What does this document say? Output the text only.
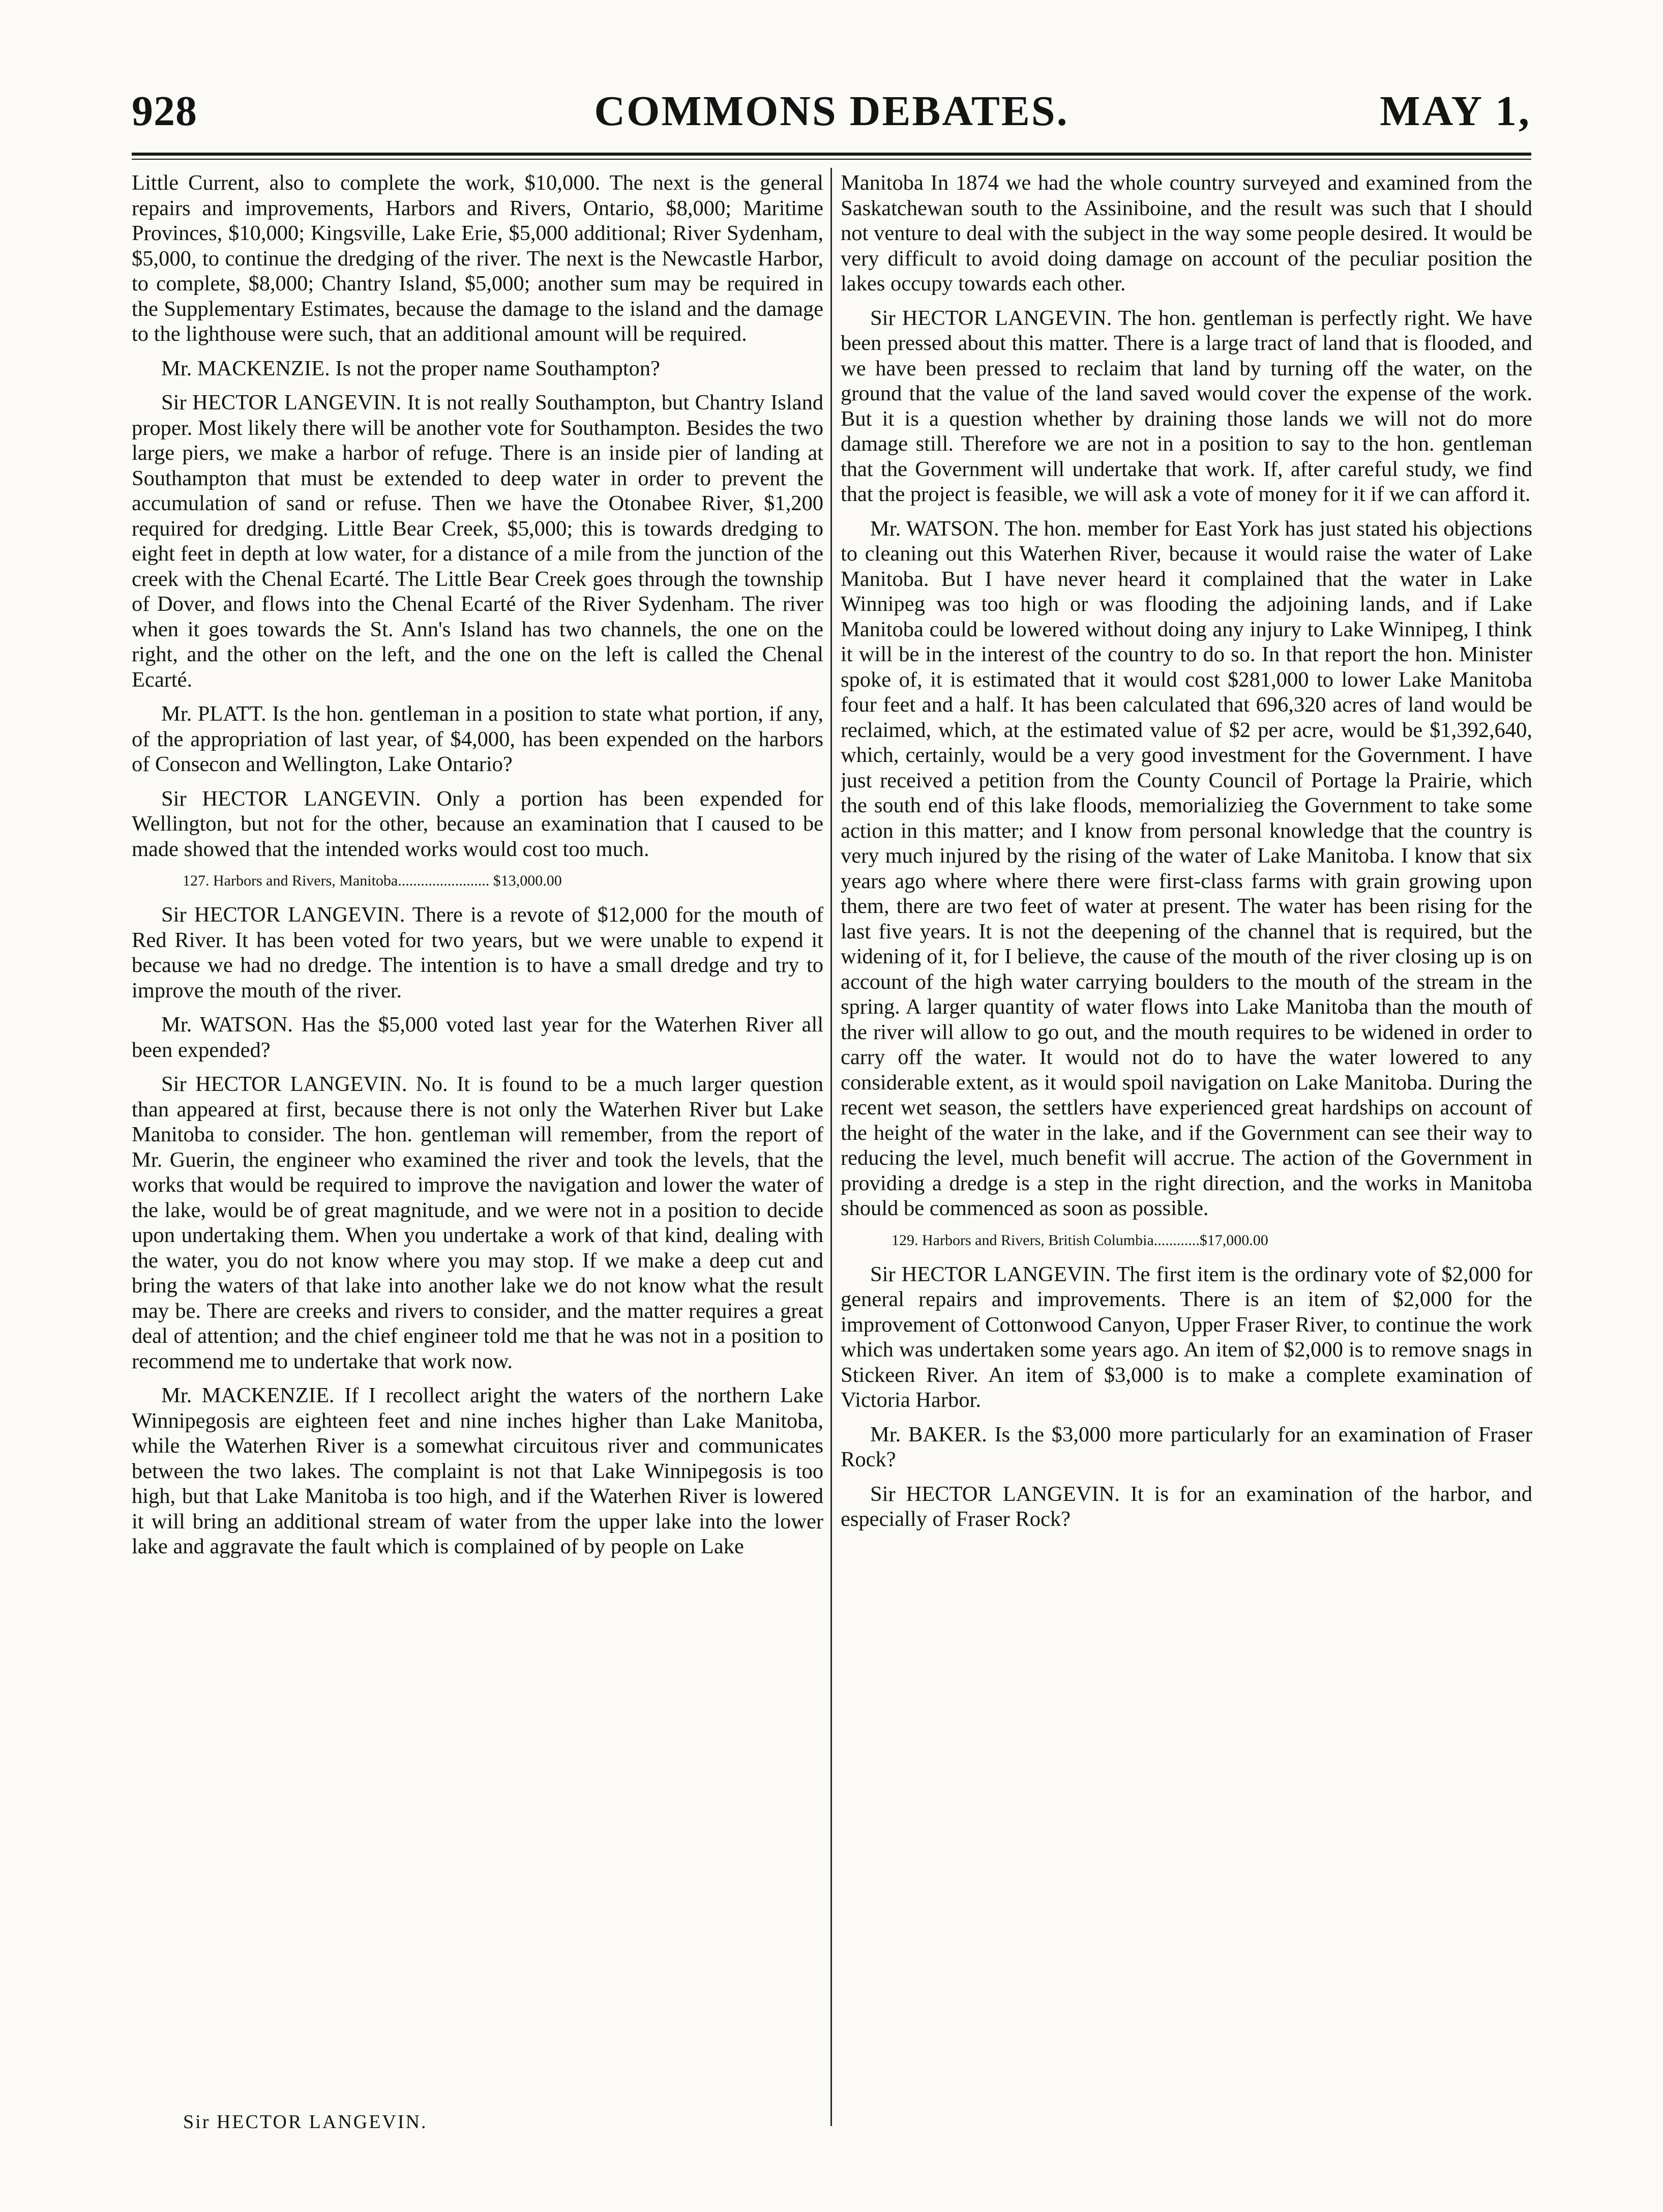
928	COMMONS DEBATES.	MAY 1,

Little Current, also to complete the work, $10,000. The next is the general repairs and improvements, Harbors and Rivers, Ontario, $8,000; Maritime Provinces, $10,000; Kingsville, Lake Erie, $5,000 additional; River Sydenham, $5,000, to continue the dredging of the river. The next is the Newcastle Harbor, to complete, $8,000; Chantry Island, $5,000; another sum may be required in the Supplementary Estimates, because the damage to the island and the damage to the lighthouse were such, that an additional amount will be required.

Mr. MACKENZIE. Is not the proper name Southampton?

Sir HECTOR LANGEVIN. It is not really Southampton, but Chantry Island proper. Most likely there will be another vote for Southampton. Besides the two large piers, we make a harbor of refuge. There is an inside pier of landing at Southampton that must be extended to deep water in order to prevent the accumulation of sand or refuse. Then we have the Otonabee River, $1,200 required for dredging. Little Bear Creek, $5,000; this is towards dredging to eight feet in depth at low water, for a distance of a mile from the junction of the creek with the Chenal Ecarté. The Little Bear Creek goes through the township of Dover, and flows into the Chenal Ecarté of the River Sydenham. The river when it goes towards the St. Ann's Island has two channels, the one on the right, and the other on the left, and the one on the left is called the Chenal Ecarté.

Mr. PLATT. Is the hon. gentleman in a position to state what portion, if any, of the appropriation of last year, of $4,000, has been expended on the harbors of Consecon and Wellington, Lake Ontario?

Sir HECTOR LANGEVIN. Only a portion has been expended for Wellington, but not for the other, because an examination that I caused to be made showed that the intended works would cost too much.

127. Harbors and Rivers, Manitoba........................ $13,000.00

Sir HECTOR LANGEVIN. There is a revote of $12,000 for the mouth of Red River. It has been voted for two years, but we were unable to expend it because we had no dredge. The intention is to have a small dredge and try to improve the mouth of the river.

Mr. WATSON. Has the $5,000 voted last year for the Waterhen River all been expended?

Sir HECTOR LANGEVIN. No. It is found to be a much larger question than appeared at first, because there is not only the Waterhen River but Lake Manitoba to consider. The hon. gentleman will remember, from the report of Mr. Guerin, the engineer who examined the river and took the levels, that the works that would be required to improve the navigation and lower the water of the lake, would be of great magnitude, and we were not in a position to decide upon undertaking them. When you undertake a work of that kind, dealing with the water, you do not know where you may stop. If we make a deep cut and bring the waters of that lake into another lake we do not know what the result may be. There are creeks and rivers to consider, and the matter requires a great deal of attention; and the chief engineer told me that he was not in a position to recommend me to undertake that work now.

Mr. MACKENZIE. If I recollect aright the waters of the northern Lake Winnipegosis are eighteen feet and nine inches higher than Lake Manitoba, while the Waterhen River is a somewhat circuitous river and communicates between the two lakes. The complaint is not that Lake Winnipegosis is too high, but that Lake Manitoba is too high, and if the Waterhen River is lowered it will bring an additional stream of water from the upper lake into the lower lake and aggravate the fault which is complained of by people on Lake

Manitoba In 1874 we had the whole country surveyed and examined from the Saskatchewan south to the Assiniboine, and the result was such that I should not venture to deal with the subject in the way some people desired. It would be very difficult to avoid doing damage on account of the peculiar position the lakes occupy towards each other.

Sir HECTOR LANGEVIN. The hon. gentleman is perfectly right. We have been pressed about this matter. There is a large tract of land that is flooded, and we have been pressed to reclaim that land by turning off the water, on the ground that the value of the land saved would cover the expense of the work. But it is a question whether by draining those lands we will not do more damage still. Therefore we are not in a position to say to the hon. gentleman that the Government will undertake that work. If, after careful study, we find that the project is feasible, we will ask a vote of money for it if we can afford it.

Mr. WATSON. The hon. member for East York has just stated his objections to cleaning out this Waterhen River, because it would raise the water of Lake Manitoba. But I have never heard it complained that the water in Lake Winnipeg was too high or was flooding the adjoining lands, and if Lake Manitoba could be lowered without doing any injury to Lake Winnipeg, I think it will be in the interest of the country to do so. In that report the hon. Minister spoke of, it is estimated that it would cost $281,000 to lower Lake Manitoba four feet and a half. It has been calculated that 696,320 acres of land would be reclaimed, which, at the estimated value of $2 per acre, would be $1,392,640, which, certainly, would be a very good investment for the Government. I have just received a petition from the County Council of Portage la Prairie, which the south end of this lake floods, memorializieg the Government to take some action in this matter; and I know from personal knowledge that the country is very much injured by the rising of the water of Lake Manitoba. I know that six years ago where where there were first-class farms with grain growing upon them, there are two feet of water at present. The water has been rising for the last five years. It is not the deepening of the channel that is required, but the widening of it, for I believe, the cause of the mouth of the river closing up is on account of the high water carrying boulders to the mouth of the stream in the spring. A larger quantity of water flows into Lake Manitoba than the mouth of the river will allow to go out, and the mouth requires to be widened in order to carry off the water. It would not do to have the water lowered to any considerable extent, as it would spoil navigation on Lake Manitoba. During the recent wet season, the settlers have experienced great hardships on account of the height of the water in the lake, and if the Government can see their way to reducing the level, much benefit will accrue. The action of the Government in providing a dredge is a step in the right direction, and the works in Manitoba should be commenced as soon as possible.

129. Harbors and Rivers, British Columbia............$17,000.00

Sir HECTOR LANGEVIN. The first item is the ordinary vote of $2,000 for general repairs and improvements. There is an item of $2,000 for the improvement of Cottonwood Canyon, Upper Fraser River, to continue the work which was undertaken some years ago. An item of $2,000 is to remove snags in Stickeen River. An item of $3,000 is to make a complete examination of Victoria Harbor.

Mr. BAKER. Is the $3,000 more particularly for an examination of Fraser Rock?

Sir HECTOR LANGEVIN. It is for an examination of the harbor, and especially of Fraser Rock?

Sir HECTOR LANGEVIN.
